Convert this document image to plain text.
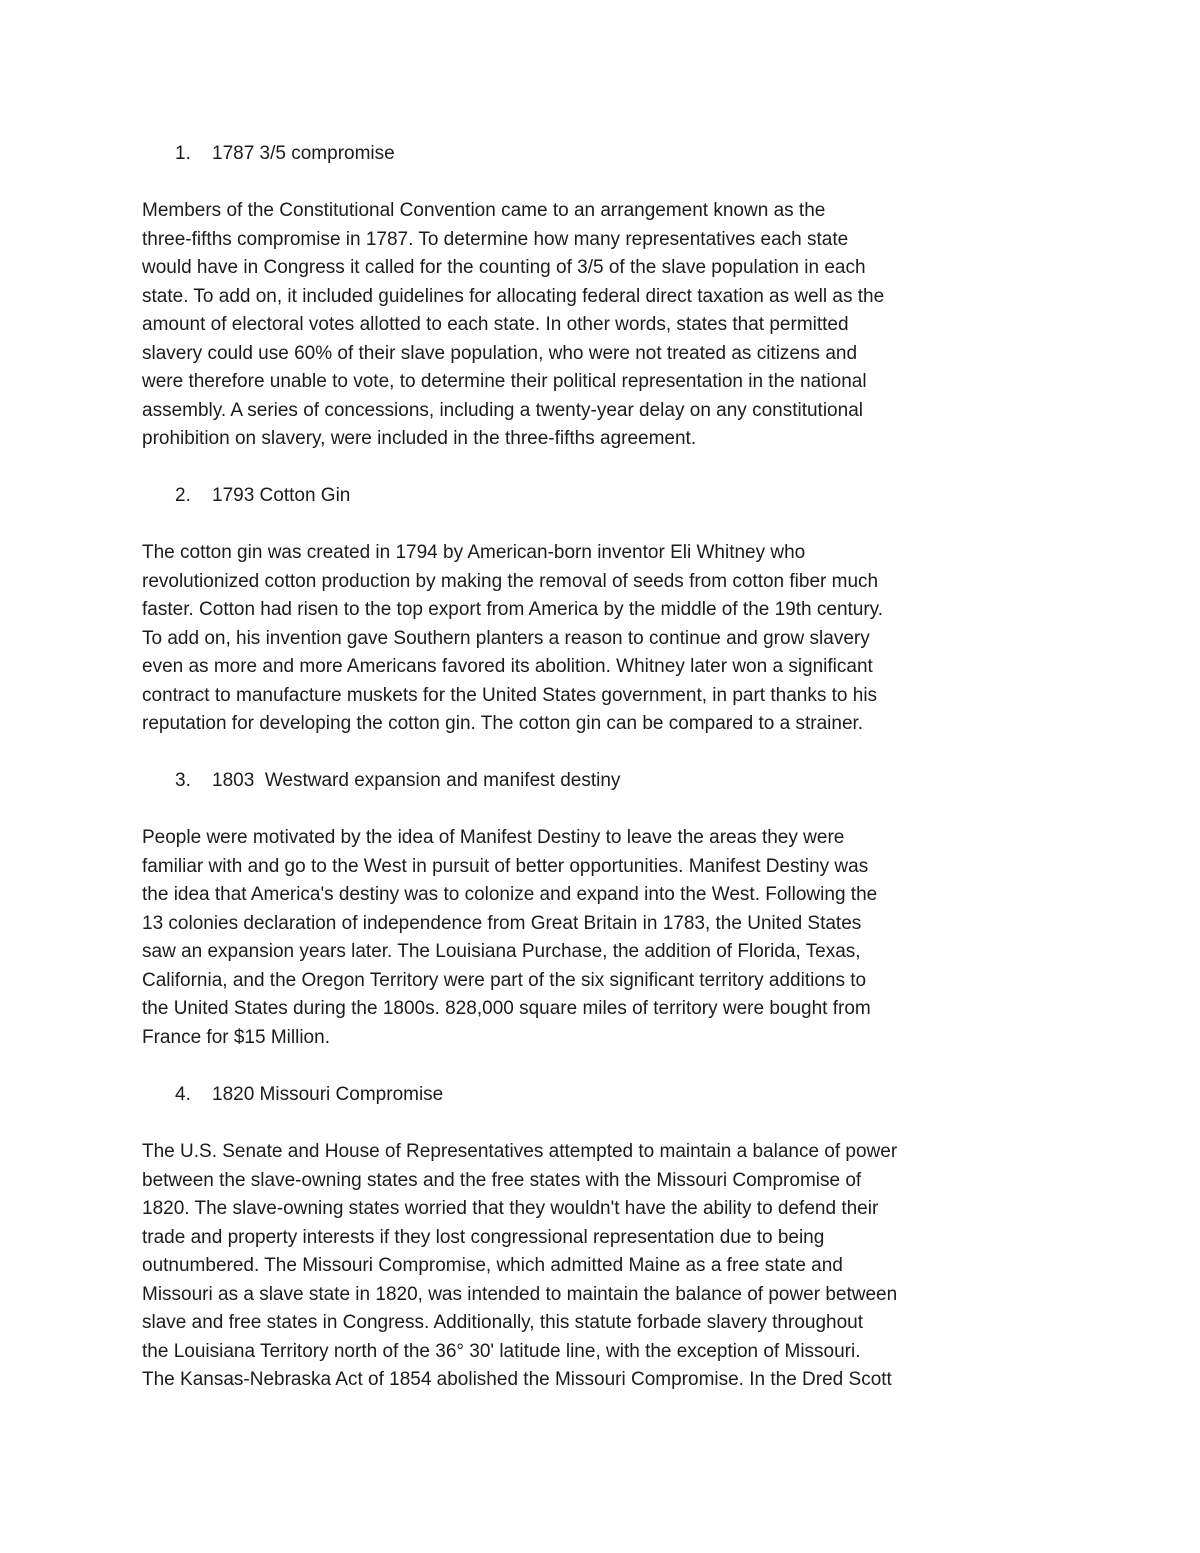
1. 1787 3/5 compromise

Members of the Constitutional Convention came to an arrangement known as the
three-fifths compromise in 1787. To determine how many representatives each state
would have in Congress it called for the counting of 3/5 of the slave population in each
state. To add on, it included guidelines for allocating federal direct taxation as well as the
amount of electoral votes allotted to each state. In other words, states that permitted
slavery could use 60% of their slave population, who were not treated as citizens and
were therefore unable to vote, to determine their political representation in the national
assembly. A series of concessions, including a twenty-year delay on any constitutional
prohibition on slavery, were included in the three-fifths agreement.

2. 1793 Cotton Gin

The cotton gin was created in 1794 by American-born inventor Eli Whitney who
revolutionized cotton production by making the removal of seeds from cotton fiber much
faster. Cotton had risen to the top export from America by the middle of the 19th century.
To add on, his invention gave Southern planters a reason to continue and grow slavery
even as more and more Americans favored its abolition. Whitney later won a significant
contract to manufacture muskets for the United States government, in part thanks to his
reputation for developing the cotton gin. The cotton gin can be compared to a strainer.

3. 1803  Westward expansion and manifest destiny

People were motivated by the idea of Manifest Destiny to leave the areas they were
familiar with and go to the West in pursuit of better opportunities. Manifest Destiny was
the idea that America's destiny was to colonize and expand into the West. Following the
13 colonies declaration of independence from Great Britain in 1783, the United States
saw an expansion years later. The Louisiana Purchase, the addition of Florida, Texas,
California, and the Oregon Territory were part of the six significant territory additions to
the United States during the 1800s. 828,000 square miles of territory were bought from
France for $15 Million.

4. 1820 Missouri Compromise

The U.S. Senate and House of Representatives attempted to maintain a balance of power
between the slave-owning states and the free states with the Missouri Compromise of
1820. The slave-owning states worried that they wouldn't have the ability to defend their
trade and property interests if they lost congressional representation due to being
outnumbered. The Missouri Compromise, which admitted Maine as a free state and
Missouri as a slave state in 1820, was intended to maintain the balance of power between
slave and free states in Congress. Additionally, this statute forbade slavery throughout
the Louisiana Territory north of the 36° 30' latitude line, with the exception of Missouri.
The Kansas-Nebraska Act of 1854 abolished the Missouri Compromise. In the Dred Scott
